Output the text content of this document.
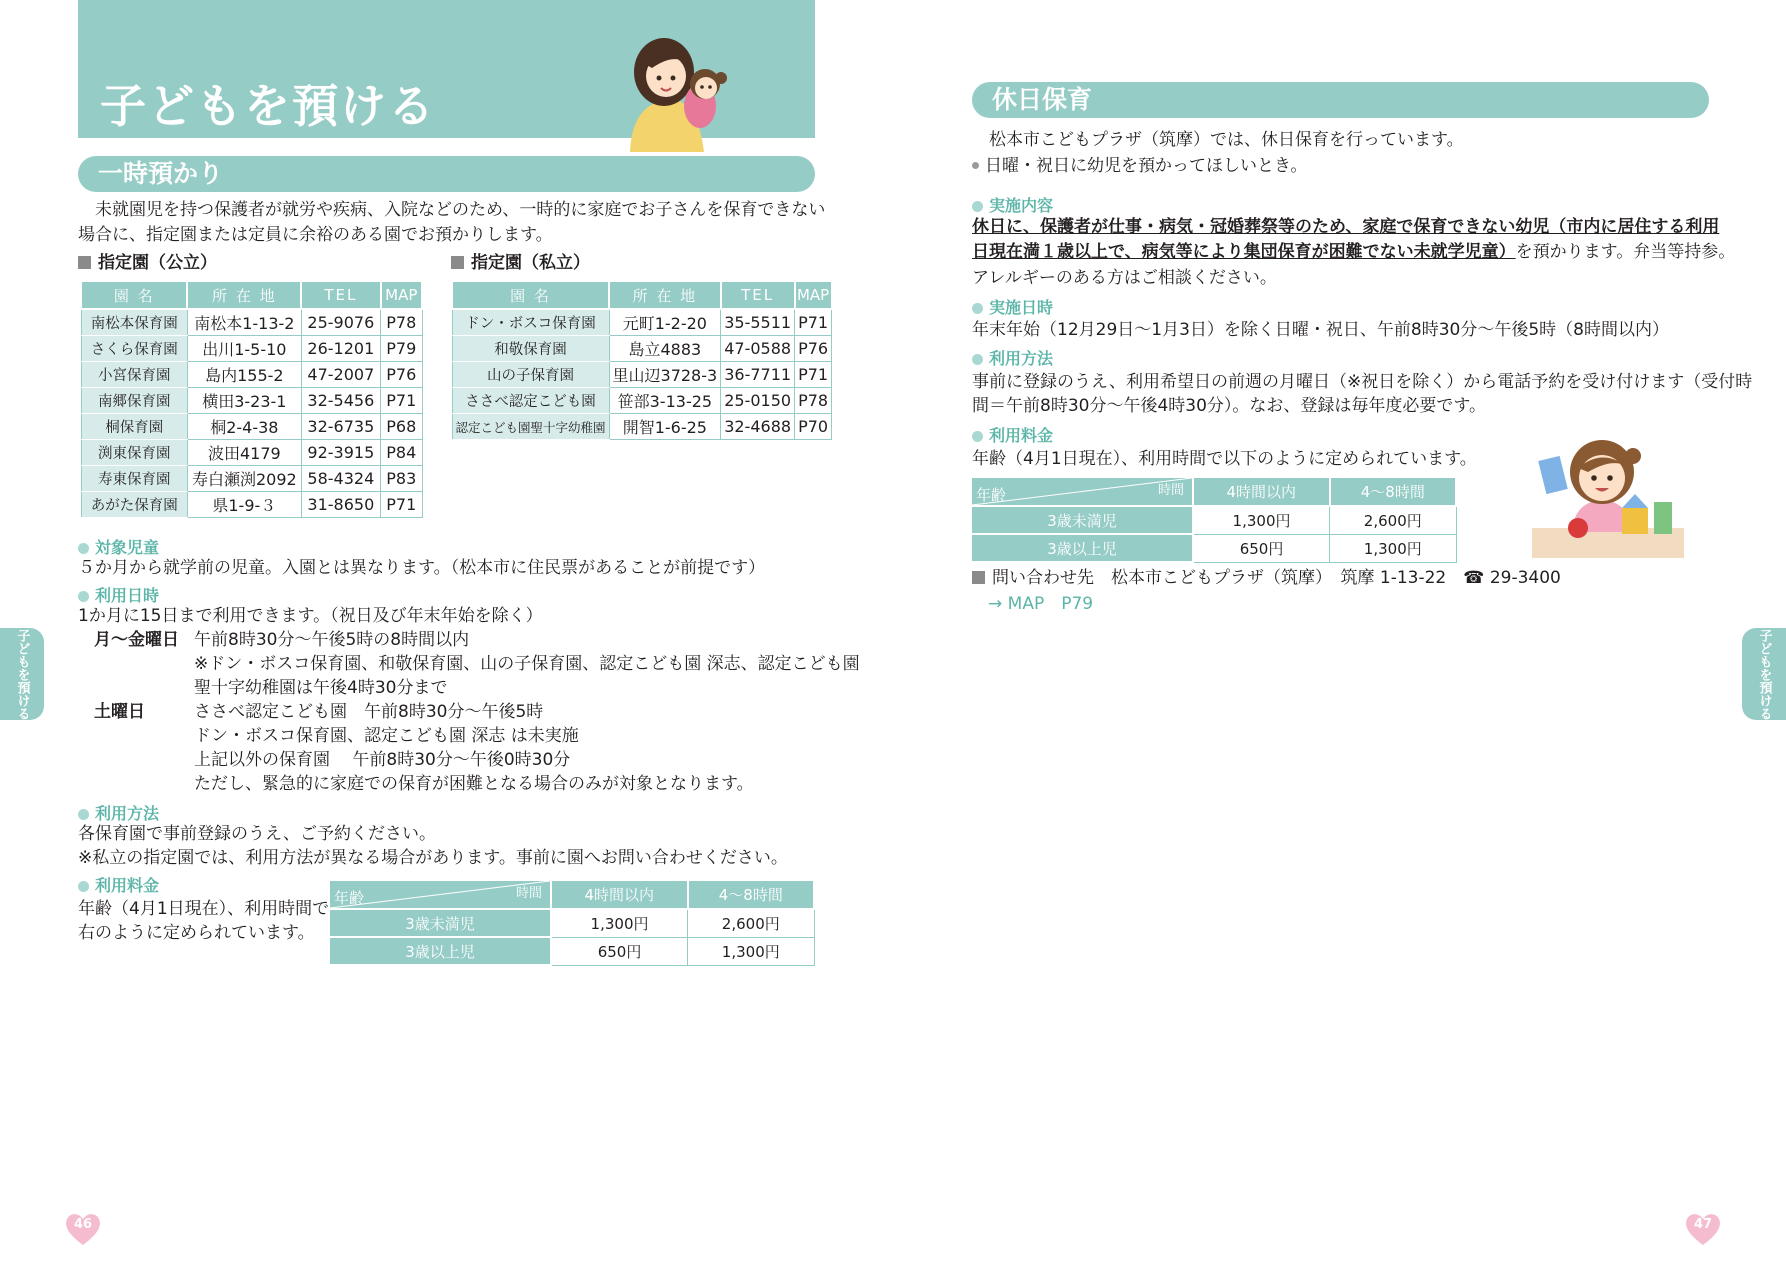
子どもを預ける
一時預かり
　未就園児を持つ保護者が就労や疾病、入院などのため、一時的に家庭でお子さんを保育できない
場合に、指定園または定員に余裕のある園でお預かりします。
指定園（公立）	指定園（私立）
園 名	所 在 地	TEL	MAP
南松本保育園	南松本1-13-2	25-9076	P78
さくら保育園	出川1-5-10	26-1201	P79
小宮保育園	島内155-2	47-2007	P76
南郷保育園	横田3-23-1	32-5456	P71
桐保育園	桐2-4-38	32-6735	P68
渕東保育園	波田4179	92-3915	P84
寿東保育園	寿白瀬渕2092	58-4324	P83
あがた保育園	県1-9-３	31-8650	P71
園 名	所 在 地	TEL	MAP
ドン・ボスコ保育園	元町1-2-20	35-5511	P71
和敬保育園	島立4883	47-0588	P76
山の子保育園	里山辺3728-3	36-7711	P71
ささべ認定こども園	笹部3-13-25	25-0150	P78
認定こども園聖十字幼稚園	開智1-6-25	32-4688	P70
対象児童
５か月から就学前の児童。入園とは異なります。（松本市に住民票があることが前提です）
利用日時
1か月に15日まで利用できます。（祝日及び年末年始を除く）
月～金曜日 午前8時30分～午後5時の8時間以内
※ドン・ボスコ保育園、和敬保育園、山の子保育園、認定こども園 深志、認定こども園
聖十字幼稚園は午後4時30分まで
土曜日	ささべ認定こども園　午前8時30分～午後5時
ドン・ボスコ保育園、認定こども園 深志 は未実施
上記以外の保育園　 午前8時30分～午後0時30分
ただし、緊急的に家庭での保育が困難となる場合のみが対象となります。
利用方法
各保育園で事前登録のうえ、ご予約ください。
※私立の指定園では、利用方法が異なる場合があります。事前に園へお問い合わせください。
利用料金
年齢（4月1日現在）、利用時間で
右のように定められています。
時間
年齢	4時間以内	4～8時間
3歳未満児	1,300円	2,600円
3歳以上児	650円	1,300円
子どもを預ける
46
休日保育
　松本市こどもプラザ（筑摩）では、休日保育を行っています。
日曜・祝日に幼児を預かってほしいとき。
実施内容
休日に、保護者が仕事・病気・冠婚葬祭等のため、家庭で保育できない幼児（市内に居住する利用
日現在満１歳以上で、病気等により集団保育が困難でない未就学児童）を預かります。弁当等持参。
アレルギーのある方はご相談ください。
実施日時
年末年始（12月29日～1月3日）を除く日曜・祝日、午前8時30分～午後5時（8時間以内）
利用方法
事前に登録のうえ、利用希望日の前週の月曜日（※祝日を除く）から電話予約を受け付けます（受付時
間＝午前8時30分～午後4時30分）。なお、登録は毎年度必要です。
利用料金
年齢（4月1日現在）、利用時間で以下のように定められています。
時間
年齢	4時間以内	4～8時間
3歳未満児	1,300円	2,600円
3歳以上児	650円	1,300円
問い合わせ先　松本市こどもプラザ（筑摩）　筑摩 1-13-22　☎ 29-3400
→ MAP　P79
子どもを預ける
47
